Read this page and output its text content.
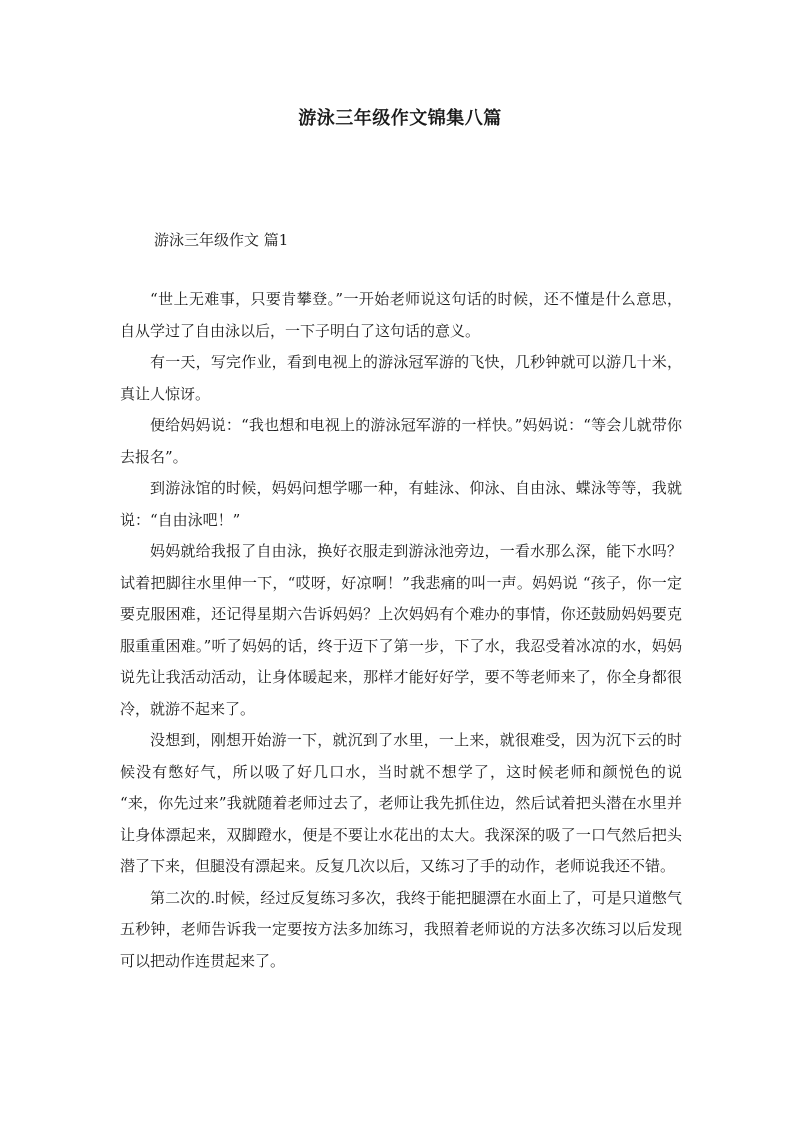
游泳三年级作文锦集八篇
游泳三年级作文 篇1

“世上无难事，只要肯攀登。”一开始老师说这句话的时候，还不懂是什么意思，自从学过了自由泳以后，一下子明白了这句话的意义。

有一天，写完作业，看到电视上的游泳冠军游的飞快，几秒钟就可以游几十米，真让人惊讶。

便给妈妈说：“我也想和电视上的游泳冠军游的一样快。”妈妈说：“等会儿就带你去报名”。

到游泳馆的时候，妈妈问想学哪一种，有蛙泳、仰泳、自由泳、蝶泳等等，我就说：“自由泳吧！”

妈妈就给我报了自由泳，换好衣服走到游泳池旁边，一看水那么深，能下水吗？试着把脚往水里伸一下，“哎呀，好凉啊！”我悲痛的叫一声。妈妈说 “孩子，你一定要克服困难，还记得星期六告诉妈妈？上次妈妈有个难办的事情，你还鼓励妈妈要克服重重困难。”听了妈妈的话，终于迈下了第一步，下了水，我忍受着冰凉的水，妈妈说先让我活动活动，让身体暖起来，那样才能好好学，要不等老师来了，你全身都很冷，就游不起来了。

没想到，刚想开始游一下，就沉到了水里，一上来，就很难受，因为沉下云的时候没有憋好气，所以吸了好几口水，当时就不想学了，这时候老师和颜悦色的说 “来，你先过来”我就随着老师过去了，老师让我先抓住边，然后试着把头潜在水里并让身体漂起来，双脚蹬水，便是不要让水花出的太大。我深深的吸了一口气然后把头潜了下来，但腿没有漂起来。反复几次以后，又练习了手的动作，老师说我还不错。

第二次的.时候，经过反复练习多次，我终于能把腿漂在水面上了，可是只道憋气五秒钟，老师告诉我一定要按方法多加练习，我照着老师说的方法多次练习以后发现可以把动作连贯起来了。
